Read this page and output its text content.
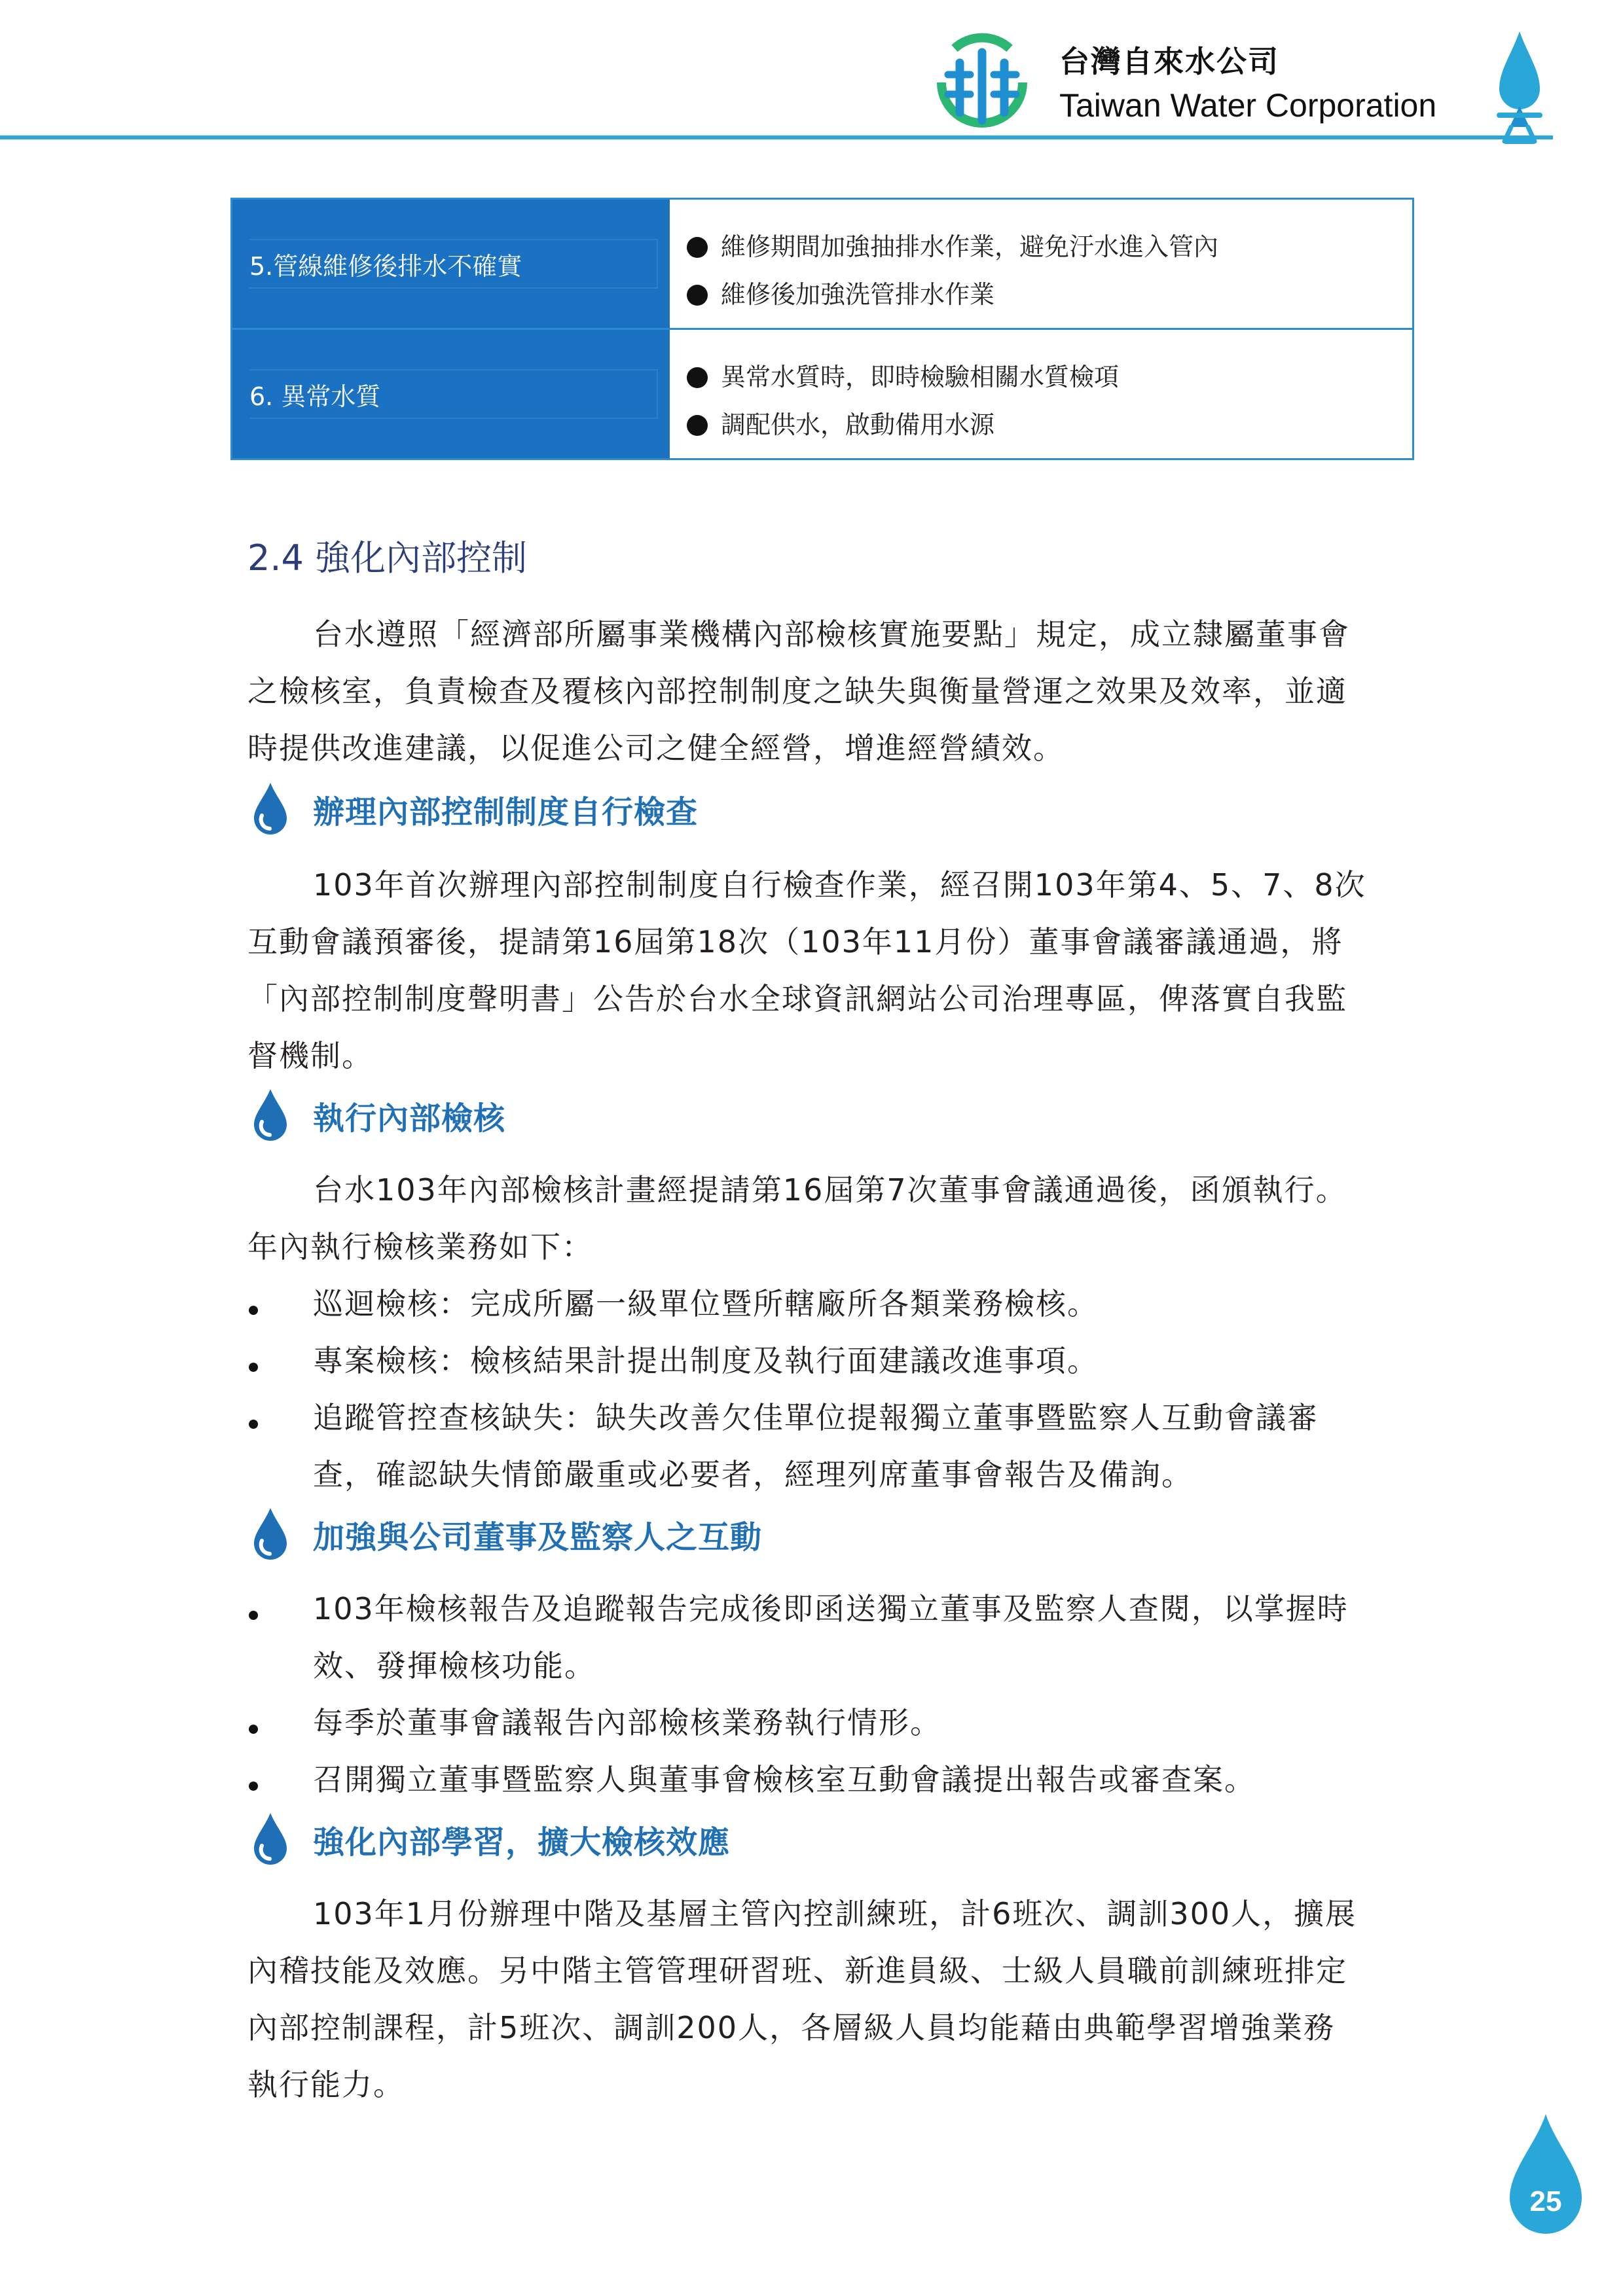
台灣自來水公司
Taiwan Water Corporation
5.管線維修後排水不確實
維修期間加強抽排水作業，避免汙水進入管內
維修後加強洗管排水作業
6. 異常水質
異常水質時，即時檢驗相關水質檢項
調配供水，啟動備用水源
2.4 強化內部控制
台水遵照「經濟部所屬事業機構內部檢核實施要點」規定，成立隸屬董事會
之檢核室，負責檢查及覆核內部控制制度之缺失與衡量營運之效果及效率，並適
時提供改進建議，以促進公司之健全經營，增進經營績效。
辦理內部控制制度自行檢查
103年首次辦理內部控制制度自行檢查作業，經召開103年第4、5、7、8次
互動會議預審後，提請第16屆第18次（103年11月份）董事會議審議通過，將
「內部控制制度聲明書」公告於台水全球資訊網站公司治理專區，俾落實自我監
督機制。
執行內部檢核
台水103年內部檢核計畫經提請第16屆第7次董事會議通過後，函頒執行。
年內執行檢核業務如下：
巡迴檢核：完成所屬一級單位暨所轄廠所各類業務檢核。
專案檢核：檢核結果計提出制度及執行面建議改進事項。
追蹤管控查核缺失：缺失改善欠佳單位提報獨立董事暨監察人互動會議審
查，確認缺失情節嚴重或必要者，經理列席董事會報告及備詢。
加強與公司董事及監察人之互動
103年檢核報告及追蹤報告完成後即函送獨立董事及監察人查閱，以掌握時
效、發揮檢核功能。
每季於董事會議報告內部檢核業務執行情形。
召開獨立董事暨監察人與董事會檢核室互動會議提出報告或審查案。
強化內部學習，擴大檢核效應
103年1月份辦理中階及基層主管內控訓練班，計6班次、調訓300人，擴展
內稽技能及效應。另中階主管管理研習班、新進員級、士級人員職前訓練班排定
內部控制課程，計5班次、調訓200人，各層級人員均能藉由典範學習增強業務
執行能力。
25
